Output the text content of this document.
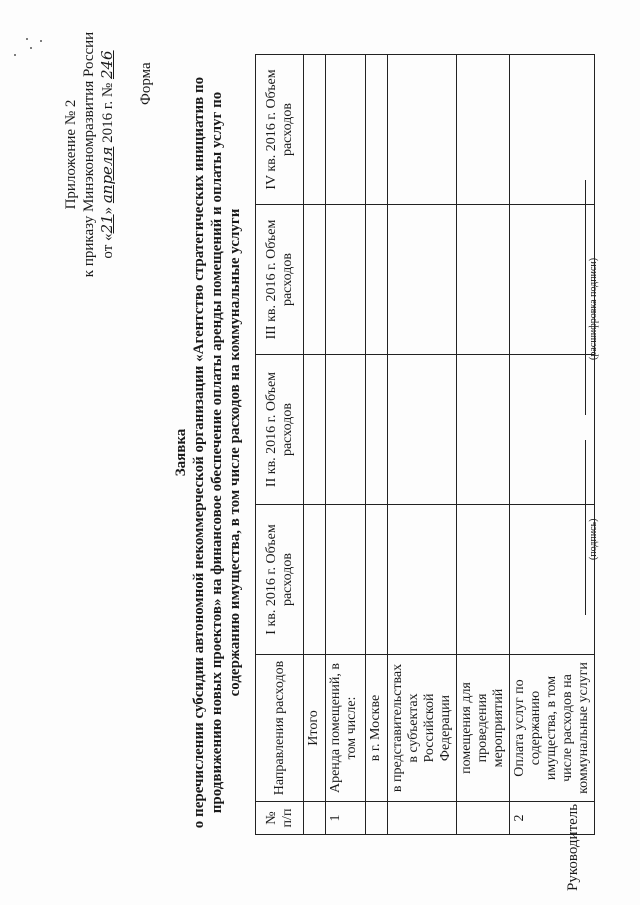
Приложение № 2 к приказу Минэкономразвития России от «21» апреля 2016 г. № 246 Форма
Заявка о перечислении субсидии автономной некоммерческой организации «Агентство стратегических инициатив по продвижению новых проектов» на финансовое обеспечение оплаты аренды помещений и оплаты услуг по содержанию имущества, в том числе расходов на коммунальные услуги
№ п/п	Направления расходов	I кв. 2016 г. Объем расходов	II кв. 2016 г. Объем расходов	III кв. 2016 г. Объем расходов	IV кв. 2016 г. Объем расходов
	Итого				
1	Аренда помещений, в том числе:				
	в г. Москве				
	в представительствах в субъектах Российской Федерации				
	помещения для проведения мероприятий				
2	Оплата услуг по содержанию имущества, в том числе расходов на коммунальные услуги				
Руководитель
(подпись)
(расшифровка подписи)
